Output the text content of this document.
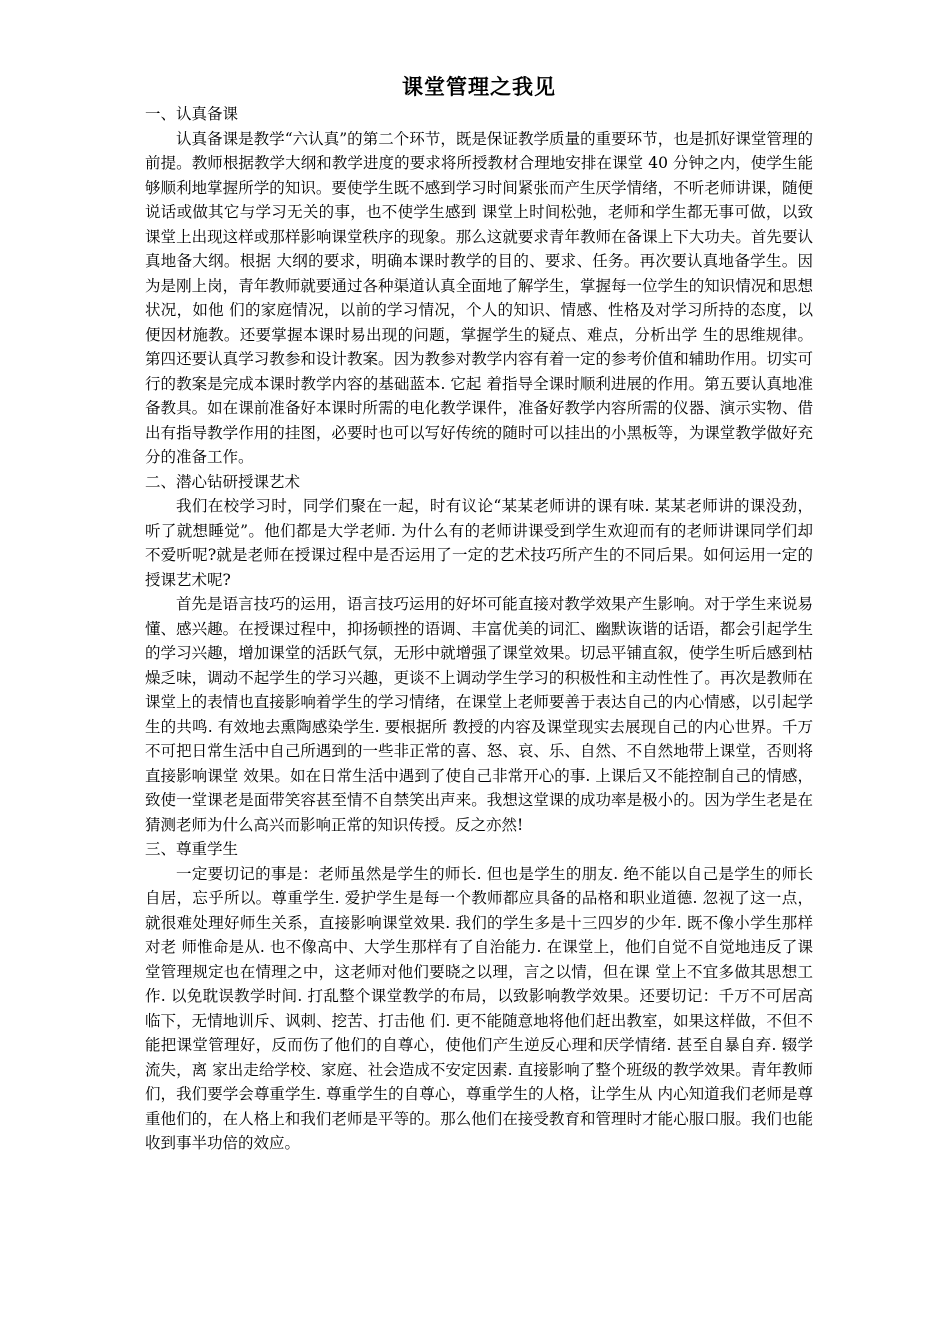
课堂管理之我见

一、认真备课

认真备课是教学“六认真”的第二个环节，既是保证教学质量的重要环节，也是抓好课堂管理的前提。教师根据教学大纲和教学进度的要求将所授教材合理地安排在课堂 40 分钟之内，使学生能够顺利地掌握所学的知识。要使学生既不感到学习时间紧张而产生厌学情绪，不听老师讲课，随便说话或做其它与学习无关的事，也不使学生感到 课堂上时间松弛，老师和学生都无事可做，以致课堂上出现这样或那样影响课堂秩序的现象。那么这就要求青年教师在备课上下大功夫。首先要认真地备大纲。根据 大纲的要求，明确本课时教学的目的、要求、任务。再次要认真地备学生。因为是刚上岗，青年教师就要通过各种渠道认真全面地了解学生，掌握每一位学生的知识情况和思想状况，如他 们的家庭情况，以前的学习情况，个人的知识、情感、性格及对学习所持的态度，以便因材施教。还要掌握本课时易出现的问题，掌握学生的疑点、难点，分析出学 生的思维规律。第四还要认真学习教参和设计教案。因为教参对教学内容有着一定的参考价值和辅助作用。切实可行的教案是完成本课时教学内容的基础蓝本. 它起 着指导全课时顺利进展的作用。第五要认真地准备教具。如在课前准备好本课时所需的电化教学课件，准备好教学内容所需的仪器、演示实物、借出有指导教学作用的挂图，必要时也可以写好传统的随时可以挂出的小黑板等，为课堂教学做好充分的准备工作。

二、潜心钻研授课艺术

我们在校学习时，同学们聚在一起，时有议论“某某老师讲的课有味. 某某老师讲的课没劲，听了就想睡觉”。他们都是大学老师. 为什么有的老师讲课受到学生欢迎而有的老师讲课同学们却不爱听呢?就是老师在授课过程中是否运用了一定的艺术技巧所产生的不同后果。如何运用一定的授课艺术呢?

首先是语言技巧的运用，语言技巧运用的好坏可能直接对教学效果产生影响。对于学生来说易懂、感兴趣。在授课过程中，抑扬顿挫的语调、丰富优美的词汇、幽默诙谐的话语，都会引起学生的学习兴趣，增加课堂的活跃气氛，无形中就增强了课堂效果。切忌平铺直叙，使学生听后感到枯燥乏味，调动不起学生的学习兴趣，更谈不上调动学生学习的积极性和主动性性了。再次是教师在课堂上的表情也直接影响着学生的学习情绪，在课堂上老师要善于表达自己的内心情感，以引起学生的共鸣. 有效地去熏陶感染学生. 要根据所 教授的内容及课堂现实去展现自己的内心世界。千万不可把日常生活中自己所遇到的一些非正常的喜、怒、哀、乐、自然、不自然地带上课堂，否则将直接影响课堂 效果。如在日常生活中遇到了使自己非常开心的事. 上课后又不能控制自己的情感，致使一堂课老是面带笑容甚至情不自禁笑出声来。我想这堂课的成功率是极小的。因为学生老是在猜测老师为什么高兴而影响正常的知识传授。反之亦然!

三、尊重学生

一定要切记的事是：老师虽然是学生的师长. 但也是学生的朋友. 绝不能以自己是学生的师长自居，忘乎所以。尊重学生. 爱护学生是每一个教师都应具备的品格和职业道德. 忽视了这一点，就很难处理好师生关系，直接影响课堂效果. 我们的学生多是十三四岁的少年. 既不像小学生那样对老 师惟命是从. 也不像高中、大学生那样有了自治能力. 在课堂上，他们自觉不自觉地违反了课堂管理规定也在情理之中，这老师对他们要晓之以理，言之以情，但在课 堂上不宜多做其思想工作. 以免耽误教学时间. 打乱整个课堂教学的布局，以致影响教学效果。还要切记：千万不可居高临下，无情地训斥、讽刺、挖苦、打击他 们. 更不能随意地将他们赶出教室，如果这样做，不但不能把课堂管理好，反而伤了他们的自尊心，使他们产生逆反心理和厌学情绪. 甚至自暴自弃. 辍学流失，离 家出走给学校、家庭、社会造成不安定因素. 直接影响了整个班级的教学效果。青年教师们，我们要学会尊重学生. 尊重学生的自尊心，尊重学生的人格，让学生从 内心知道我们老师是尊重他们的，在人格上和我们老师是平等的。那么他们在接受教育和管理时才能心服口服。我们也能收到事半功倍的效应。
